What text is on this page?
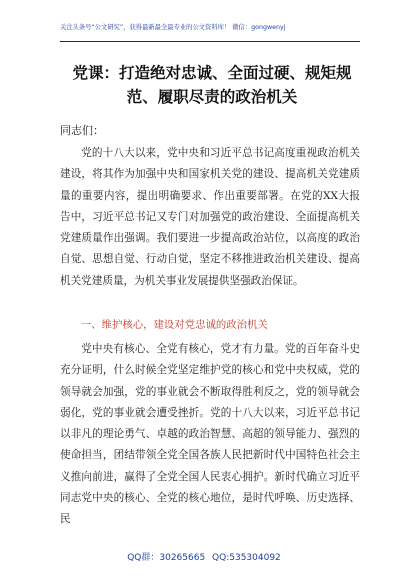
关注头条号“公文研究”，获得最新最全最专业的公文资料库！ 微信：gongwenyj
党课：打造绝对忠诚、全面过硬、规矩规范、履职尽责的政治机关
同志们：

党的十八大以来，党中央和习近平总书记高度重视政治机关建设，将其作为加强中央和国家机关党的建设、提高机关党建质量的重要内容，提出明确要求、作出重要部署。在党的XX大报告中，习近平总书记又专门对加强党的政治建设、全面提高机关党建质量作出强调。我们要进一步提高政治站位，以高度的政治自觉、思想自觉、行动自觉，坚定不移推进政治机关建设、提高机关党建质量，为机关事业发展提供坚强政治保证。

一、维护核心，建设对党忠诚的政治机关

党中央有核心、全党有核心，党才有力量。党的百年奋斗史充分证明，什么时候全党坚定维护党的核心和党中央权威，党的领导就会加强，党的事业就会不断取得胜利反之，党的领导就会弱化，党的事业就会遭受挫折。党的十八大以来，习近平总书记以非凡的理论勇气、卓越的政治智慧、高超的领导能力、强烈的使命担当，团结带领全党全国各族人民把新时代中国特色社会主义推向前进，赢得了全党全国人民衷心拥护。新时代确立习近平同志党中央的核心、全党的核心地位，是时代呼唤、历史选择、民

QQ群：30265665 QQ:535304092
